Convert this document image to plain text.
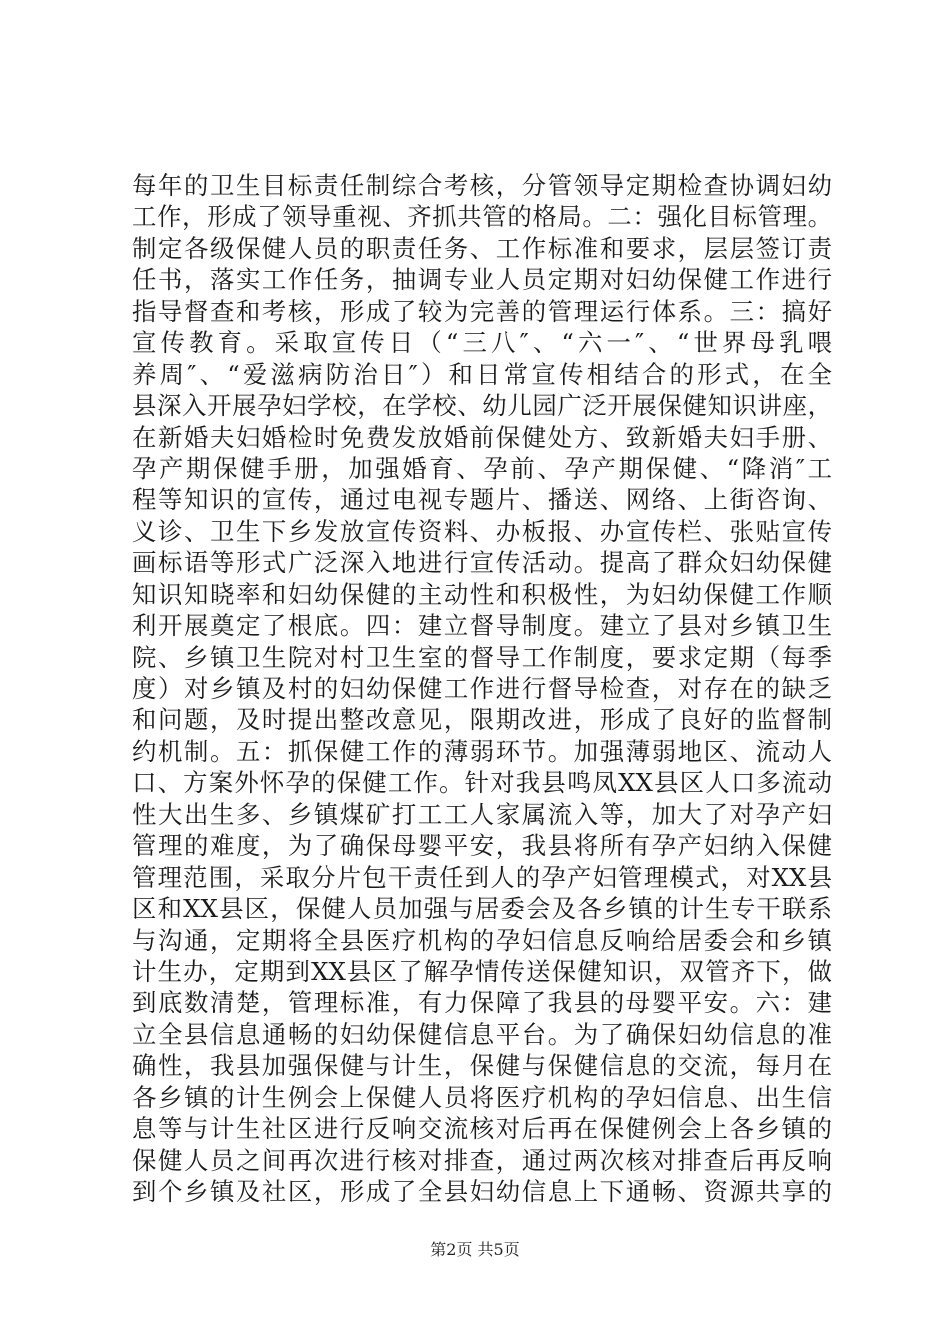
每年的卫生目标责任制综合考核，分管领导定期检查协调妇幼
工作，形成了领导重视、齐抓共管的格局。二：强化目标管理。
制定各级保健人员的职责任务、工作标准和要求，层层签订责
任书，落实工作任务，抽调专业人员定期对妇幼保健工作进行
指导督查和考核，形成了较为完善的管理运行体系。三：搞好
宣传教育。采取宣传日（“三八″、“六一″、“世界母乳喂
养周″、“爱滋病防治日″）和日常宣传相结合的形式，在全
县深入开展孕妇学校，在学校、幼儿园广泛开展保健知识讲座，
在新婚夫妇婚检时免费发放婚前保健处方、致新婚夫妇手册、
孕产期保健手册，加强婚育、孕前、孕产期保健、“降消″工
程等知识的宣传，通过电视专题片、播送、网络、上街咨询、
义诊、卫生下乡发放宣传资料、办板报、办宣传栏、张贴宣传
画标语等形式广泛深入地进行宣传活动。提高了群众妇幼保健
知识知晓率和妇幼保健的主动性和积极性，为妇幼保健工作顺
利开展奠定了根底。四：建立督导制度。建立了县对乡镇卫生
院、乡镇卫生院对村卫生室的督导工作制度，要求定期（每季
度）对乡镇及村的妇幼保健工作进行督导检查，对存在的缺乏
和问题，及时提出整改意见，限期改进，形成了良好的监督制
约机制。五：抓保健工作的薄弱环节。加强薄弱地区、流动人
口、方案外怀孕的保健工作。针对我县鸣凤XX县区人口多流动
性大出生多、乡镇煤矿打工工人家属流入等，加大了对孕产妇
管理的难度，为了确保母婴平安，我县将所有孕产妇纳入保健
管理范围，采取分片包干责任到人的孕产妇管理模式，对XX县
区和XX县区，保健人员加强与居委会及各乡镇的计生专干联系
与沟通，定期将全县医疗机构的孕妇信息反响给居委会和乡镇
计生办，定期到XX县区了解孕情传送保健知识，双管齐下，做
到底数清楚，管理标准，有力保障了我县的母婴平安。六：建
立全县信息通畅的妇幼保健信息平台。为了确保妇幼信息的准
确性，我县加强保健与计生，保健与保健信息的交流，每月在
各乡镇的计生例会上保健人员将医疗机构的孕妇信息、出生信
息等与计生社区进行反响交流核对后再在保健例会上各乡镇的
保健人员之间再次进行核对排查，通过两次核对排查后再反响
到个乡镇及社区，形成了全县妇幼信息上下通畅、资源共享的
第2页 共5页
